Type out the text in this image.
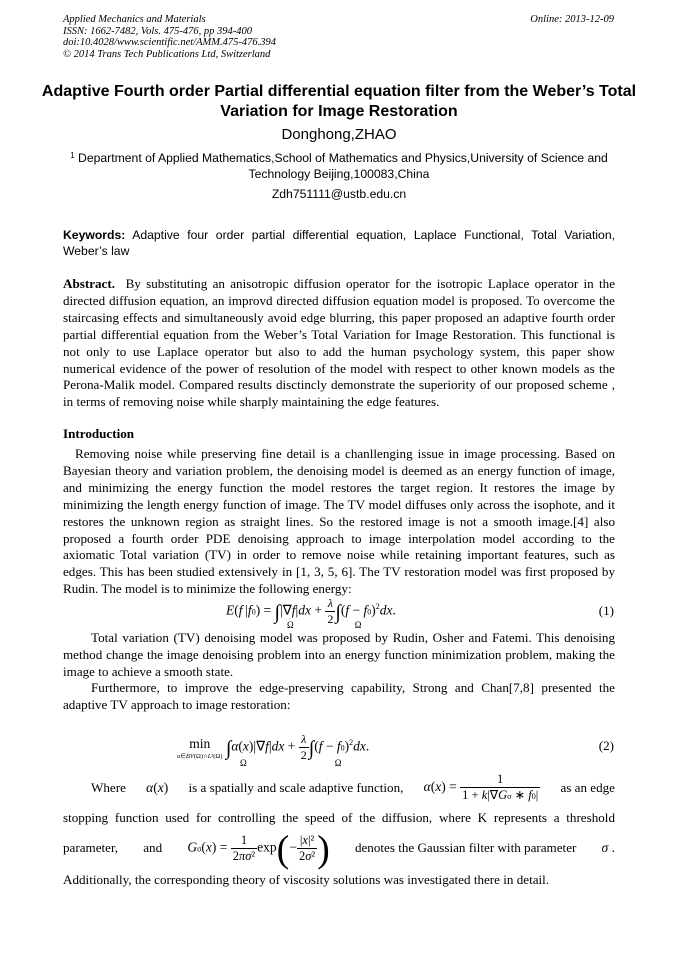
Applied Mechanics and Materials
ISSN: 1662-7482, Vols. 475-476, pp 394-400
doi:10.4028/www.scientific.net/AMM.475-476.394
© 2014 Trans Tech Publications Ltd, Switzerland
Online: 2013-12-09
Adaptive Fourth order Partial differential equation filter from the Weber’s Total Variation for Image Restoration
Donghong,ZHAO
$^1$ Department of Applied Mathematics,School of Mathematics and Physics,University of Science and Technology Beijing,100083,China
Zdh751111@ustb.edu.cn
Keywords: Adaptive four order partial differential equation, Laplace Functional, Total Variation, Weber’s law
Abstract. By substituting an anisotropic diffusion operator for the isotropic Laplace operator in the directed diffusion equation, an improvd directed diffusion equation model is proposed. To overcome the staircasing effects and simultaneously avoid edge blurring, this paper proposed an adaptive fourth order partial differential equation from the Weber’s Total Variation for Image Restoration. This functional is not only to use Laplace operator but also to add the human psychology system, this paper show numerical evidence of the power of resolution of the model with respect to other known models as the Perona-Malik model. Compared results disctincly demonstrate the superiority of our proposed scheme , in terms of removing noise while sharply maintaining the edge features.
Introduction
Removing noise while preserving fine detail is a chanllenging issue in image processing. Based on Bayesian theory and variation problem, the denoising model is deemed as an energy function of image, and minimizing the energy function the model restores the target region. It restores the image by minimizing the length energy function of image. The TV model diffuses only across the isophote, and it restores the unknown region as straight lines. So the restored image is not a smooth image.[4] also proposed a fourth order PDE denoising approach to image interpolation model according to the axiomatic Total variation (TV) in order to remove noise while retaining important features, such as edges. This has been studied extensively in [1, 3, 5, 6]. The TV restoration model was first proposed by Rudin. The model is to minimize the following energy:
E(f $|f0) = \int|\nabla f|dx + \frac{\lambda}{2} \int(f - f0)^2dx$.
Ω	Ω
(1)
Total variation (TV) denoising model was proposed by Rudin, Osher and Fatemi. This denoising method change the image denoising problem into an energy function minimization problem, making the image to achieve a smooth state.
Furthermore, to improve the edge-preserving capability, Strong and Chan[7,8] presented the adaptive TV approach to image restoration:
min
u∈BV(Ω)∩L²(Ω) $\int\alpha(x)|\nabla f|dx + \frac{\lambda}{2} \int(f - f0)^2dx$.
Ω	Ω
(2)
Where α(x) is a spatially and scale adaptive function, $\alpha(x) = \frac{1}{1 + k|\nabla G\sigma ∗ f0|}$ as an edge
stopping function used for controlling the speed of the diffusion, where K represents a threshold
parameter, and $G\sigma(x) = \frac{1}{\text{2πσ²}} \exp(- \frac{\text{|x|²}}{\text{2σ²}}$ ) denotes the Gaussian filter with parameter σ .
Additionally, the corresponding theory of viscosity solutions was investigated there in detail.
